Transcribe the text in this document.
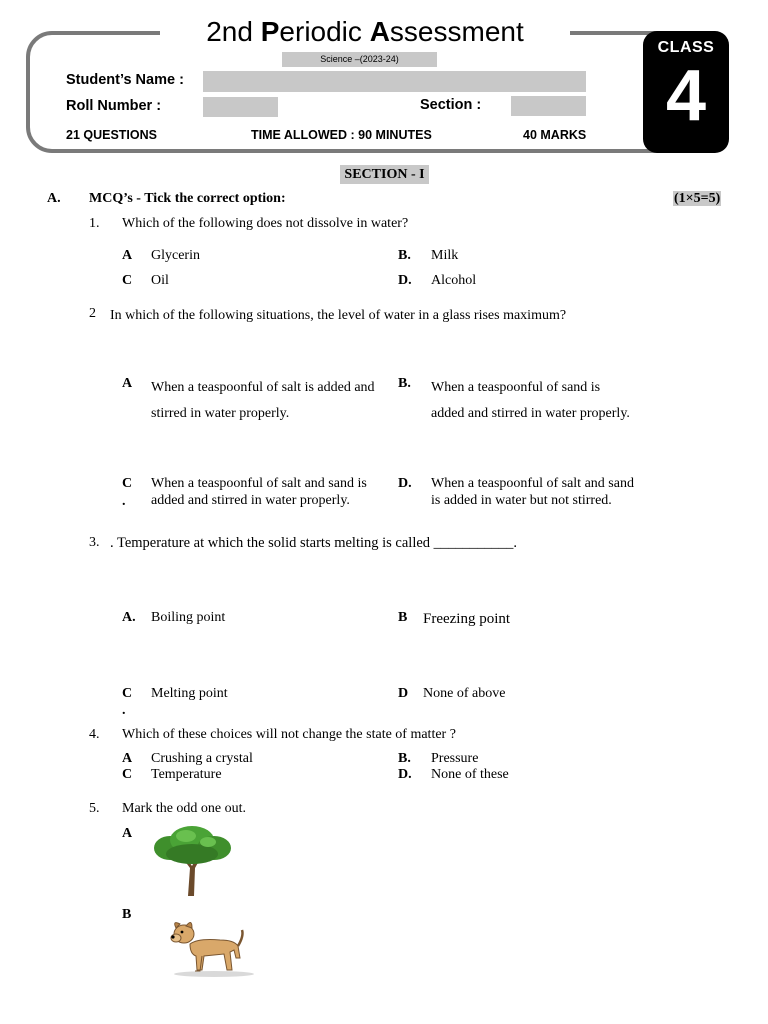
2nd Periodic Assessment
Science –(2023-24)
Student’s Name :
Roll Number :	Section :
21 QUESTIONS	TIME ALLOWED : 90 MINUTES	40 MARKS
CLASS
4
SECTION - I
A. MCQ’s - Tick the correct option:	(1×5=5)
1. Which of the following does not dissolve in water?
A Glycerin	B. Milk
C Oil	D. Alcohol
2 In which of the following situations, the level of water in a glass rises maximum?
A When a teaspoonful of salt is added and stirred in water properly.
B. When a teaspoonful of sand is added and stirred in water properly.
C
.
When a teaspoonful of salt and sand is added and stirred in water properly.
D. When a teaspoonful of salt and sand is added in water but not stirred.
3. . Temperature at which the solid starts melting is called ___________.
A. Boiling point	B Freezing point
C
.
Melting point	D None of above
4. Which of these choices will not change the state of matter ?
A Crushing a crystal	B. Pressure
C Temperature	D. None of these
5. Mark the odd one out.
A
B
